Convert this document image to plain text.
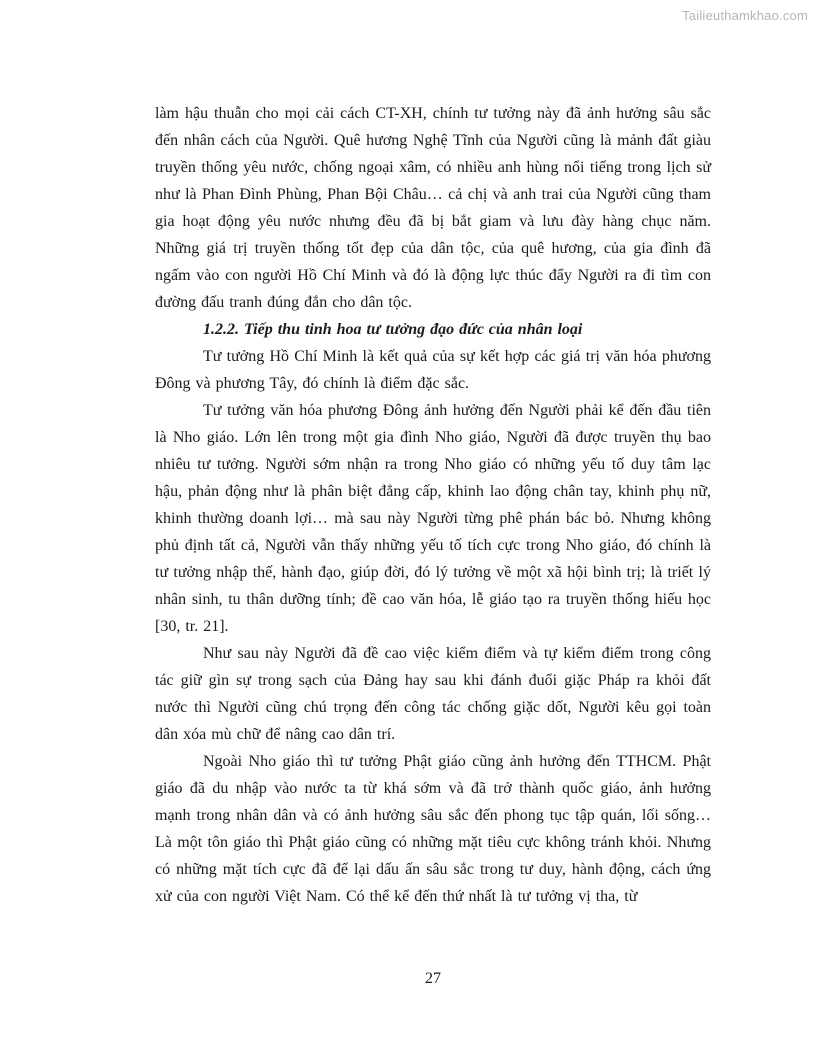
Tailieuthamkhao.com

làm hậu thuẫn cho mọi cải cách CT-XH, chính tư tưởng này đã ảnh hưởng sâu sắc đến nhân cách của Người. Quê hương Nghệ Tĩnh của Người cũng là mảnh đất giàu truyền thống yêu nước, chống ngoại xâm, có nhiều anh hùng nổi tiếng trong lịch sử như là Phan Đình Phùng, Phan Bội Châu… cả chị và anh trai của Người cũng tham gia hoạt động yêu nước nhưng đều đã bị bắt giam và lưu đày hàng chục năm. Những giá trị truyền thống tốt đẹp của dân tộc, của quê hương, của gia đình đã ngấm vào con người Hồ Chí Minh và đó là động lực thúc đẩy Người ra đi tìm con đường đấu tranh đúng đắn cho dân tộc.

1.2.2. Tiếp thu tinh hoa tư tưởng đạo đức của nhân loại

Tư tưởng Hồ Chí Minh là kết quả của sự kết hợp các giá trị văn hóa phương Đông và phương Tây, đó chính là điểm đặc sắc.

Tư tưởng văn hóa phương Đông ảnh hưởng đến Người phải kể đến đầu tiên là Nho giáo. Lớn lên trong một gia đình Nho giáo, Người đã được truyền thụ bao nhiêu tư tưởng. Người sớm nhận ra trong Nho giáo có những yếu tố duy tâm lạc hậu, phản động như là phân biệt đẳng cấp, khinh lao động chân tay, khinh phụ nữ, khinh thường doanh lợi… mà sau này Người từng phê phán bác bỏ. Nhưng không phủ định tất cả, Người vẫn thấy những yếu tố tích cực trong Nho giáo, đó chính là tư tưởng nhập thế, hành đạo, giúp đời, đó lý tưởng về một xã hội bình trị; là triết lý nhân sinh, tu thân dưỡng tính; đề cao văn hóa, lễ giáo tạo ra truyền thống hiếu học [30, tr. 21].

Như sau này Người đã đề cao việc kiểm điểm và tự kiểm điểm trong công tác giữ gìn sự trong sạch của Đảng hay sau khi đánh đuổi giặc Pháp ra khỏi đất nước thì Người cũng chú trọng đến công tác chống giặc dốt, Người kêu gọi toàn dân xóa mù chữ để nâng cao dân trí.

Ngoài Nho giáo thì tư tưởng Phật giáo cũng ảnh hưởng đến TTHCM. Phật giáo đã du nhập vào nước ta từ khá sớm và đã trở thành quốc giáo, ảnh hưởng mạnh trong nhân dân và có ảnh hưởng sâu sắc đến phong tục tập quán, lối sống… Là một tôn giáo thì Phật giáo cũng có những mặt tiêu cực không tránh khỏi. Nhưng có những mặt tích cực đã để lại dấu ấn sâu sắc trong tư duy, hành động, cách ứng xử của con người Việt Nam. Có thể kể đến thứ nhất là tư tưởng vị tha, từ

27
